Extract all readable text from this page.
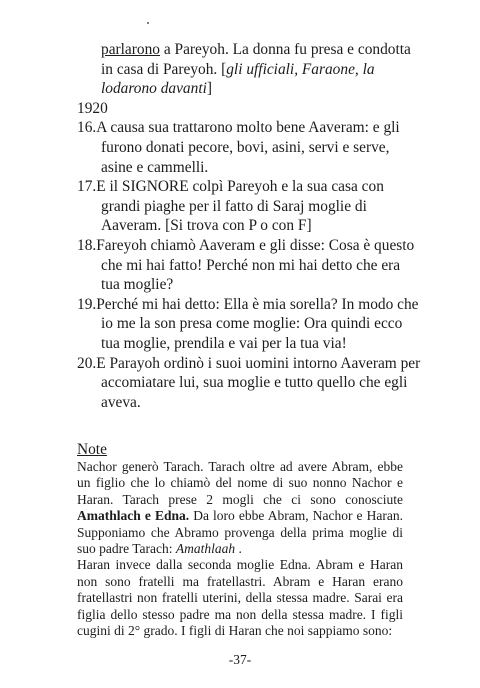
parlarono a Pareyoh. La donna fu presa e condotta in casa di Pareyoh. [gli ufficiali, Faraone, la lodarono davanti]

1920

16.A causa sua trattarono molto bene Aaveram: e gli furono donati pecore, bovi, asini, servi e serve, asine e cammelli.

17.E il SIGNORE colpì Pareyoh e la sua casa con grandi piaghe per il fatto di Saraj moglie di Aaveram. [Si trova con P o con F]

18.Fareyoh chiamò Aaveram e gli disse: Cosa è questo che mi hai fatto! Perché non mi hai detto che era tua moglie?

19.Perché mi hai detto: Ella è mia sorella? In modo che io me la son presa come moglie: Ora quindi ecco tua moglie, prendila e vai per la tua via!

20.E Parayoh ordinò i suoi uomini intorno Aaveram per accomiatare lui, sua moglie e tutto quello che egli aveva.

Note

Nachor generò Tarach. Tarach oltre ad avere Abram, ebbe un figlio che lo chiamò del nome di suo nonno Nachor e Haran. Tarach prese 2 mogli che ci sono conosciute Amathlach e Edna. Da loro ebbe Abram, Nachor e Haran. Supponiamo che Abramo provenga della prima moglie di suo padre Tarach: Amathlaah .

Haran invece dalla seconda moglie Edna. Abram e Haran non sono fratelli ma fratellastri. Abram e Haran erano fratellastri non fratelli uterini, della stessa madre. Sarai era figlia dello stesso padre ma non della stessa madre. I figli cugini di 2° grado. I figli di Haran che noi sappiamo sono:

-37-
